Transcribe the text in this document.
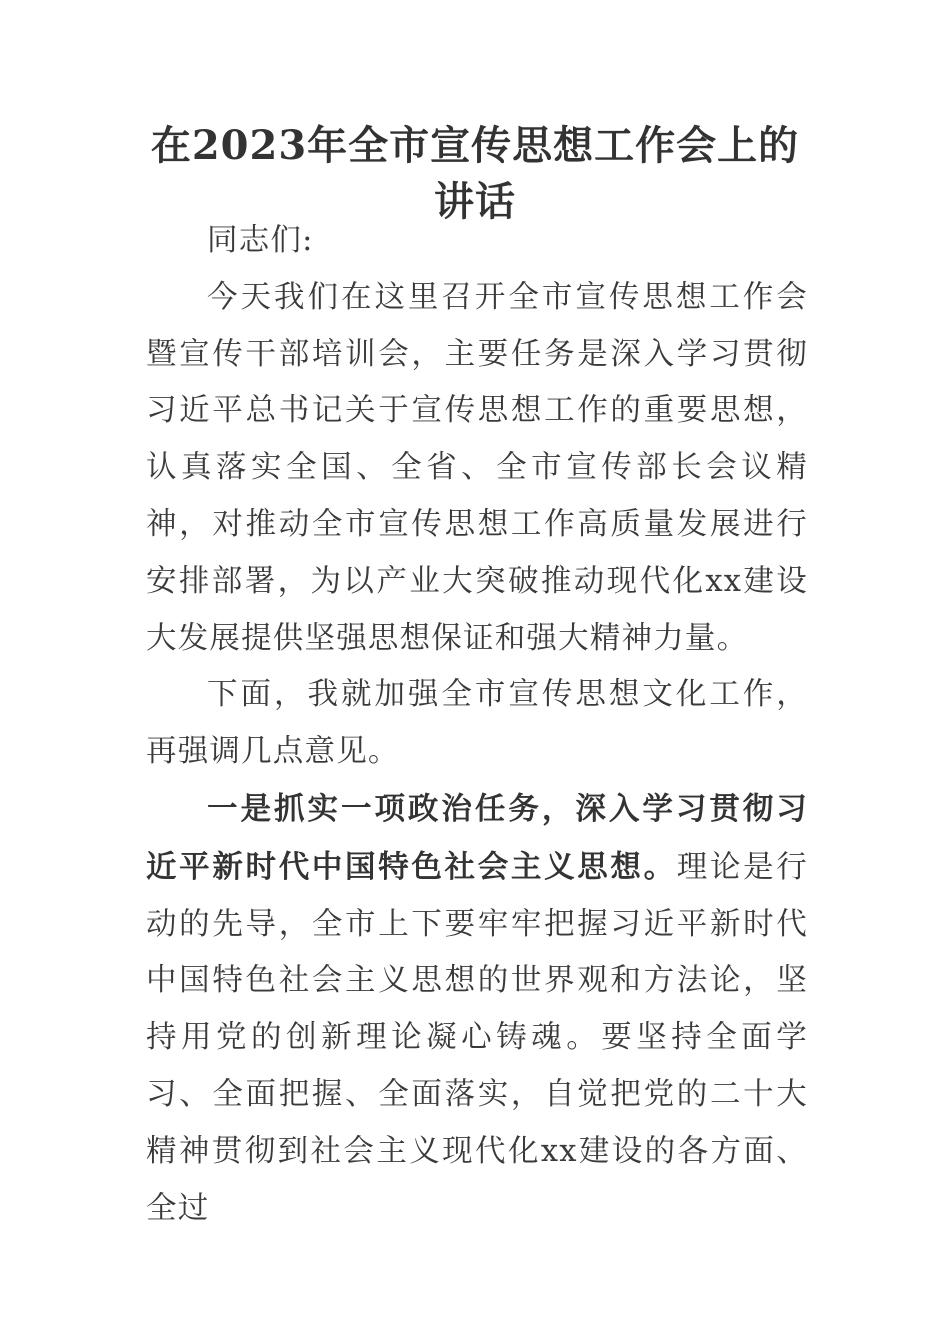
在2023年全市宣传思想工作会上的
讲话

同志们:

今天我们在这里召开全市宣传思想工作会暨宣传干部培训会，主要任务是深入学习贯彻习近平总书记关于宣传思想工作的重要思想，认真落实全国、全省、全市宣传部长会议精神，对推动全市宣传思想工作高质量发展进行安排部署，为以产业大突破推动现代化xx建设大发展提供坚强思想保证和强大精神力量。

下面，我就加强全市宣传思想文化工作，再强调几点意见。

一是抓实一项政治任务，深入学习贯彻习近平新时代中国特色社会主义思想。理论是行动的先导，全市上下要牢牢把握习近平新时代中国特色社会主义思想的世界观和方法论，坚持用党的创新理论凝心铸魂。要坚持全面学习、全面把握、全面落实，自觉把党的二十大精神贯彻到社会主义现代化xx建设的各方面、全过
